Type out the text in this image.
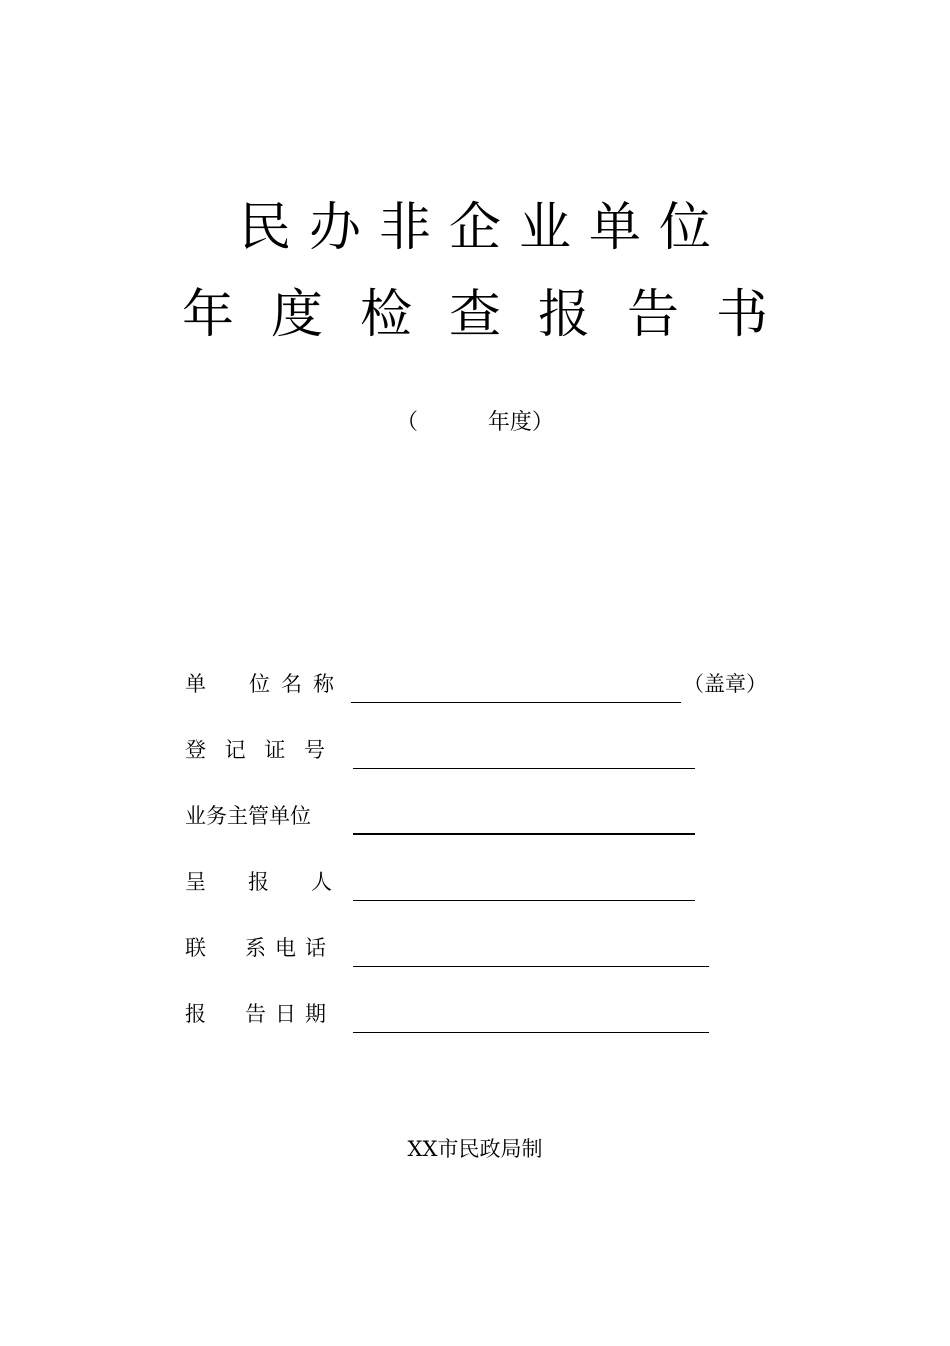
民办非企业单位
年度检查报告书
（          年度）
单　位名称	（盖章）
登 记 证 号
业务主管单位
呈　　报　　人
联　系电话
报　告日期
XX市民政局制
